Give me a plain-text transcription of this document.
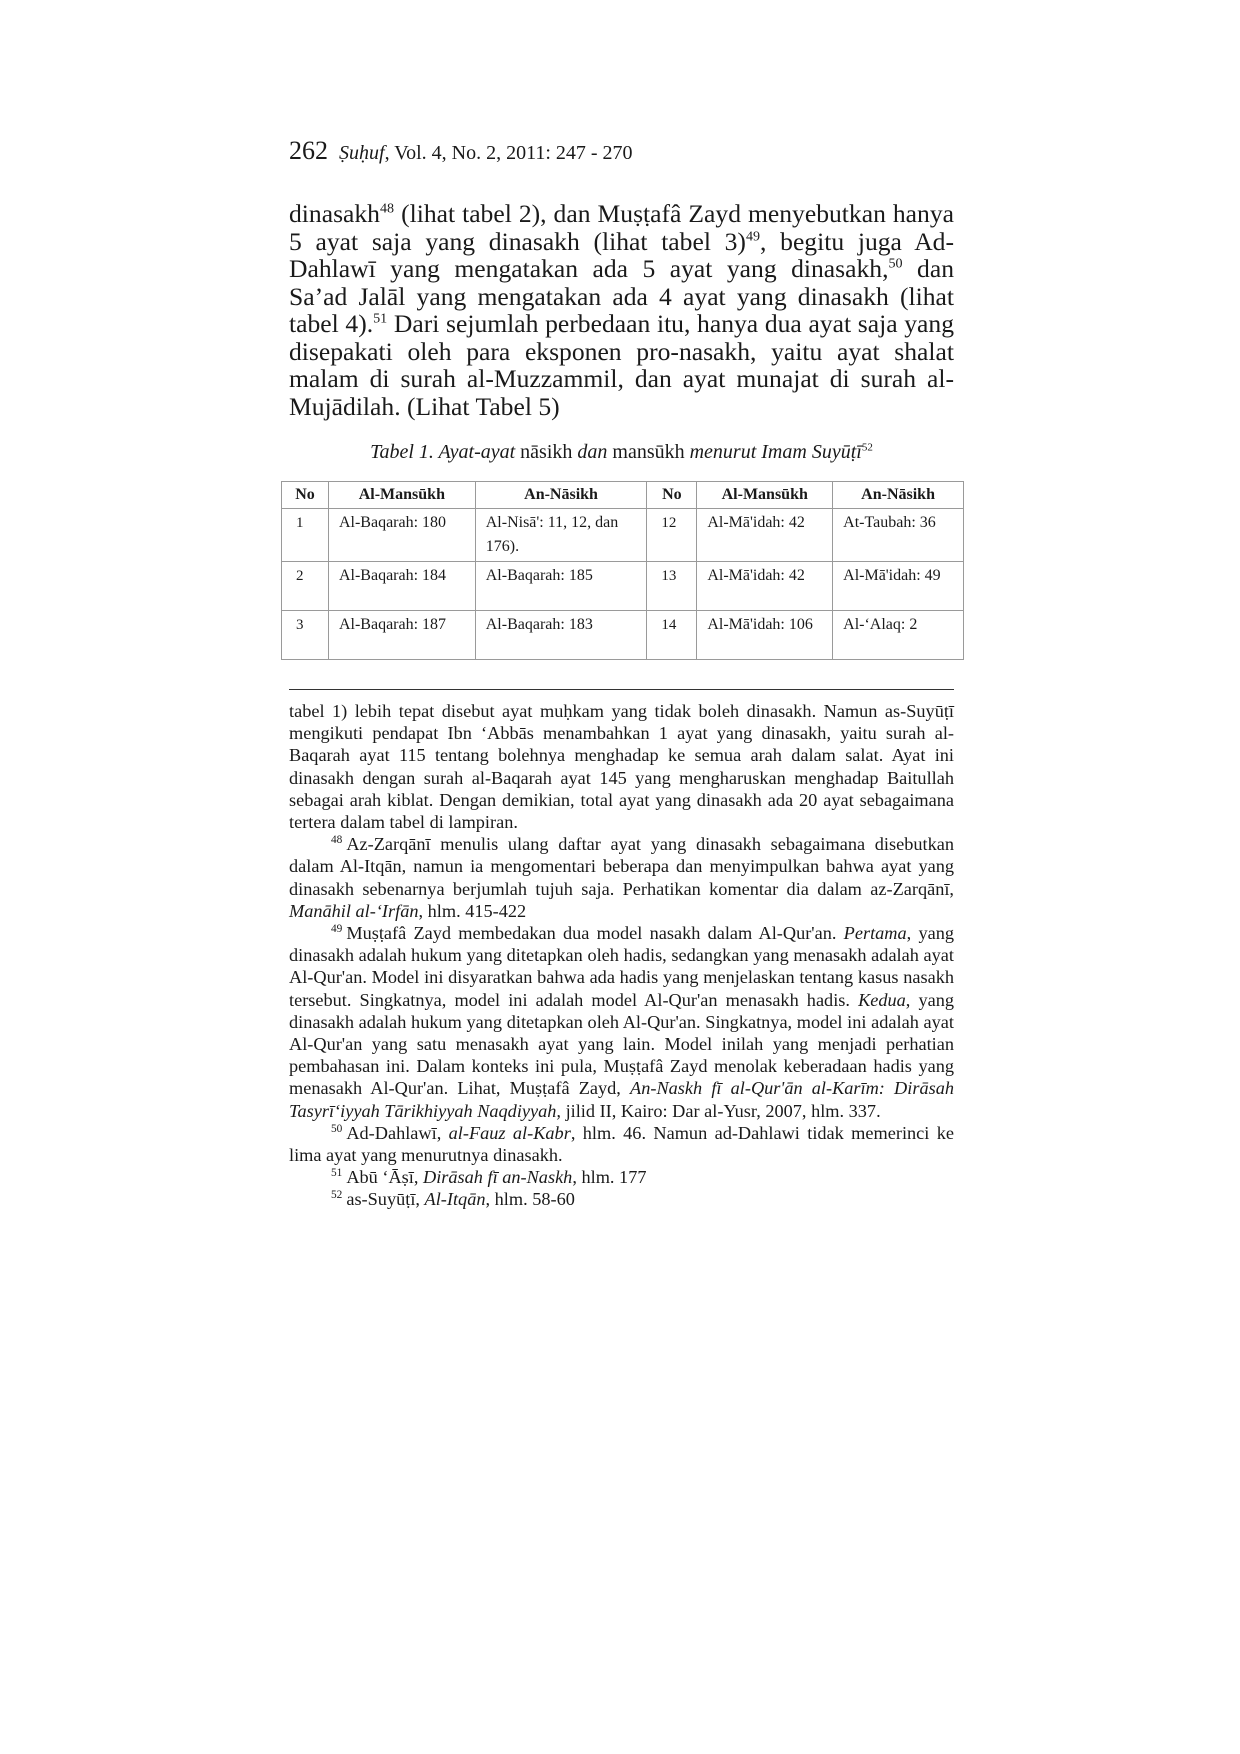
262 Ṣuḥuf, Vol. 4, No. 2, 2011: 247 - 270

dinasakh$^{48}$ (lihat tabel 2), dan Muṣṭafâ Zayd menyebutkan hanya 5 ayat saja yang dinasakh (lihat tabel 3)$^{49}$, begitu juga Ad-Dahlawī yang mengatakan ada 5 ayat yang dinasakh,$^{50}$ dan Sa’ad Jalāl yang mengatakan ada 4 ayat yang dinasakh (lihat tabel 4).$^{51}$ Dari sejumlah perbedaan itu, hanya dua ayat saja yang disepakati oleh para eksponen pro-nasakh, yaitu ayat shalat malam di surah al-Muzzammil, dan ayat munajat di surah al-Mujādilah. (Lihat Tabel 5)

Tabel 1. Ayat-ayat nāsikh dan mansūkh menurut Imam Suyūṭī$^{52}$
No	Al-Mansūkh	An-Nāsikh	No	Al-Mansūkh	An-Nāsikh
1	Al-Baqarah: 180	Al-Nisā': 11, 12, dan 176).	12	Al-Mā'idah: 42	At-Taubah: 36
2	Al-Baqarah: 184	Al-Baqarah: 185	13	Al-Mā'idah: 42	Al-Mā'idah: 49
3	Al-Baqarah: 187	Al-Baqarah: 183	14	Al-Mā'idah: 106	Al-‘Alaq: 2

tabel 1) lebih tepat disebut ayat muḥkam yang tidak boleh dinasakh. Namun as-Suyūṭī mengikuti pendapat Ibn ‘Abbās menambahkan 1 ayat yang dinasakh, yaitu surah al-Baqarah ayat 115 tentang bolehnya menghadap ke semua arah dalam salat. Ayat ini dinasakh dengan surah al-Baqarah ayat 145 yang mengharuskan menghadap Baitullah sebagai arah kiblat. Dengan demikian, total ayat yang dinasakh ada 20 ayat sebagaimana tertera dalam tabel di lampiran.

$^{48}$ Az-Zarqānī menulis ulang daftar ayat yang dinasakh sebagaimana disebutkan dalam Al-Itqān, namun ia mengomentari beberapa dan menyimpulkan bahwa ayat yang dinasakh sebenarnya berjumlah tujuh saja. Perhatikan komentar dia dalam az-Zarqānī, Manāhil al-‘Irfān, hlm. 415-422

$^{49}$ Muṣṭafâ Zayd membedakan dua model nasakh dalam Al-Qur'an. Pertama, yang dinasakh adalah hukum yang ditetapkan oleh hadis, sedangkan yang menasakh adalah ayat Al-Qur'an. Model ini disyaratkan bahwa ada hadis yang menjelaskan tentang kasus nasakh tersebut. Singkatnya, model ini adalah model Al-Qur'an menasakh hadis. Kedua, yang dinasakh adalah hukum yang ditetapkan oleh Al-Qur'an. Singkatnya, model ini adalah ayat Al-Qur'an yang satu menasakh ayat yang lain. Model inilah yang menjadi perhatian pembahasan ini. Dalam konteks ini pula, Muṣṭafâ Zayd menolak keberadaan hadis yang menasakh Al-Qur'an. Lihat, Muṣṭafâ Zayd, An-Naskh fī al-Qur'ān al-Karīm: Dirāsah Tasyrī‘iyyah Tārikhiyyah Naqdiyyah, jilid II, Kairo: Dar al-Yusr, 2007, hlm. 337.

$^{50}$ Ad-Dahlawī, al-Fauz al-Kabr, hlm. 46. Namun ad-Dahlawi tidak memerinci ke lima ayat yang menurutnya dinasakh.

$^{51}$ Abū ‘Āṣī, Dirāsah fī an-Naskh, hlm. 177

$^{52}$ as-Suyūṭī, Al-Itqān, hlm. 58-60
